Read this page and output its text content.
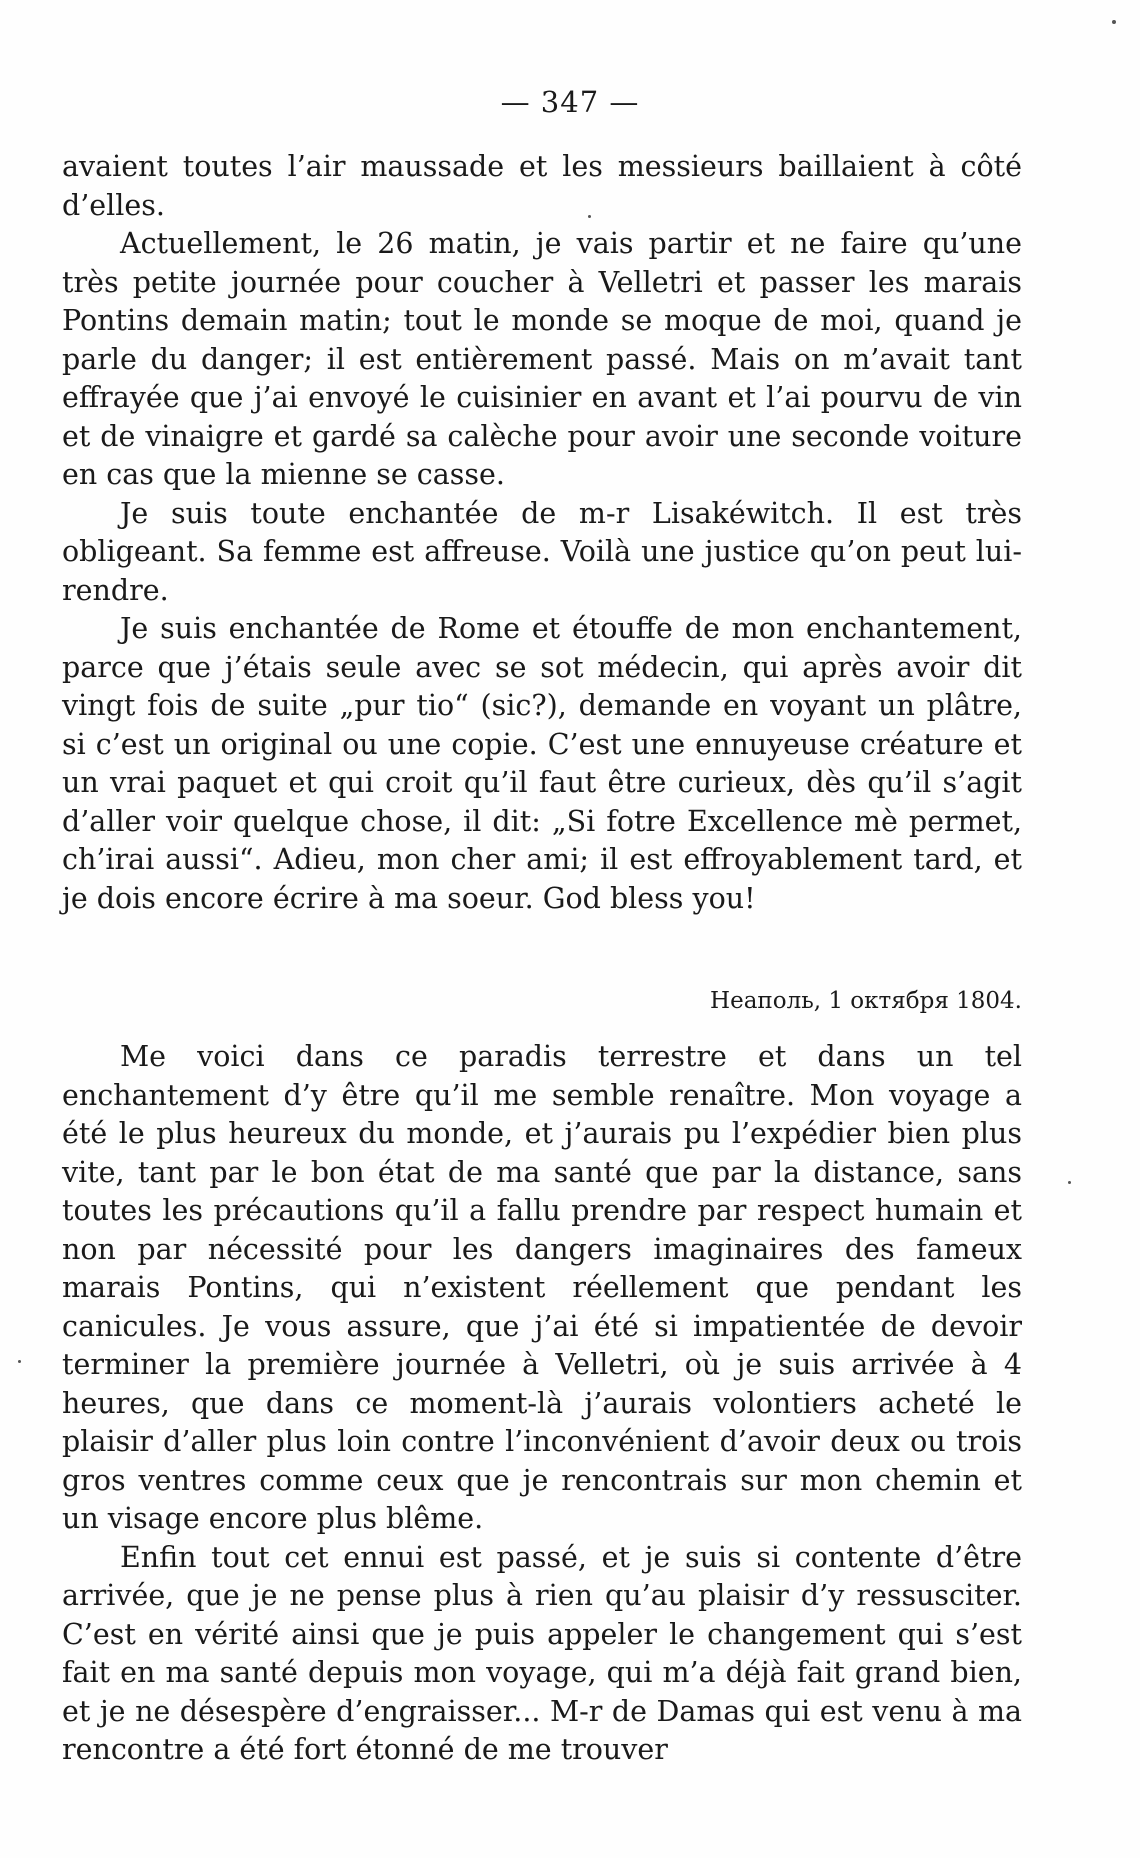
— 347 —

avaient toutes l’air maussade et les messieurs baillaient à côté d’elles.

Actuellement, le 26 matin, je vais partir et ne faire qu’une très petite journée pour coucher à Velletri et passer les marais Pontins demain matin; tout le monde se moque de moi, quand je parle du danger; il est entièrement passé. Mais on m’avait tant effrayée que j’ai envoyé le cuisinier en avant et l’ai pourvu de vin et de vinaigre et gardé sa calèche pour avoir une seconde voiture en cas que la mienne se casse.

Je suis toute enchantée de m-r Lisakéwitch. Il est très obligeant. Sa femme est affreuse. Voilà une justice qu’on peut lui-rendre.

Je suis enchantée de Rome et étouffe de mon enchantement, parce que j’étais seule avec se sot médecin, qui après avoir dit vingt fois de suite „pur tio“ (sic?), demande en voyant un plâtre, si c’est un original ou une copie. C’est une ennuyeuse créature et un vrai paquet et qui croit qu’il faut être curieux, dès qu’il s’agit d’aller voir quelque chose, il dit: „Si fotre Excellence mè permet, ch’irai aussi“. Adieu, mon cher ami; il est effroyablement tard, et je dois encore écrire à ma soeur. God bless you!

Неаполь, 1 октября 1804.

Me voici dans ce paradis terrestre et dans un tel enchantement d’y être qu’il me semble renaître. Mon voyage a été le plus heureux du monde, et j’aurais pu l’expédier bien plus vite, tant par le bon état de ma santé que par la distance, sans toutes les précautions qu’il a fallu prendre par respect humain et non par nécessité pour les dangers imaginaires des fameux marais Pontins, qui n’existent réellement que pendant les canicules. Je vous assure, que j’ai été si impatientée de devoir terminer la première journée à Velletri, où je suis arrivée à 4 heures, que dans ce moment-là j’aurais volontiers acheté le plaisir d’aller plus loin contre l’inconvénient d’avoir deux ou trois gros ventres comme ceux que je rencontrais sur mon chemin et un visage encore plus blême.

Enfin tout cet ennui est passé, et je suis si contente d’être arrivée, que je ne pense plus à rien qu’au plaisir d’y ressusciter. C’est en vérité ainsi que je puis appeler le changement qui s’est fait en ma santé depuis mon voyage, qui m’a déjà fait grand bien, et je ne désespère d’engraisser... M-r de Damas qui est venu à ma rencontre a été fort étonné de me trouver
